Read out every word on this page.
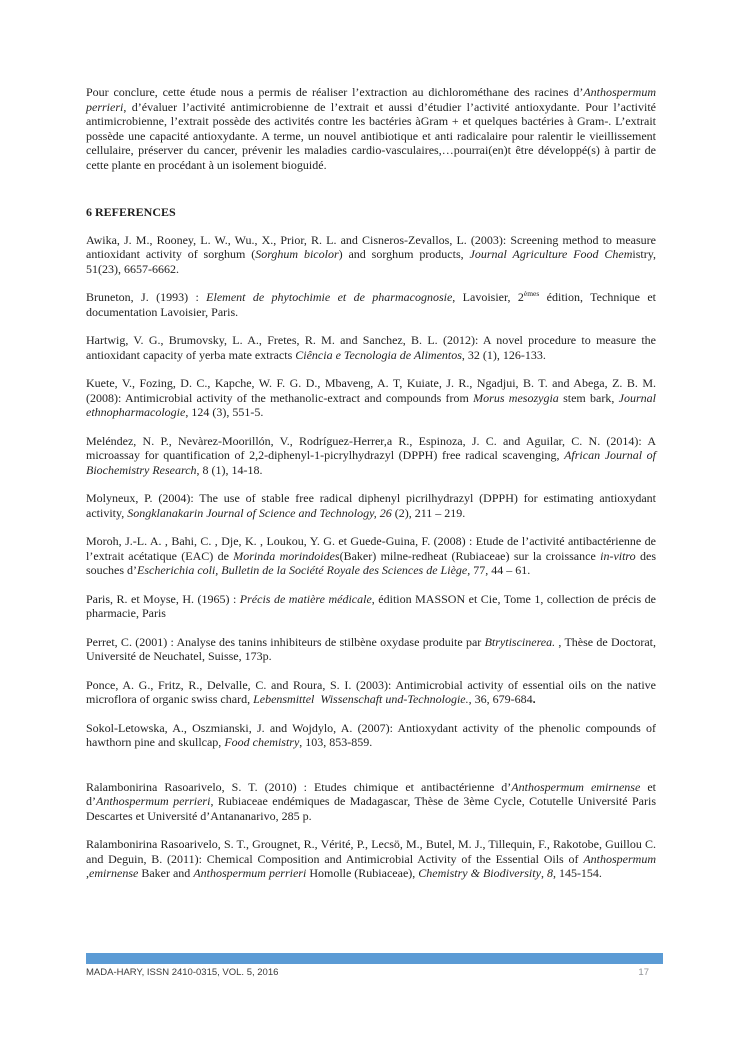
Pour conclure, cette étude nous a permis de réaliser l’extraction au dichlorométhane des racines d’Anthospermum perrieri, d’évaluer l’activité antimicrobienne de l’extrait et aussi d’étudier l’activité antioxydante. Pour l’activité antimicrobienne, l’extrait possède des activités contre les bactéries àGram + et quelques bactéries à Gram-. L’extrait possède une capacité antioxydante. A terme, un nouvel antibiotique et anti radicalaire pour ralentir le vieillissement cellulaire, préserver du cancer, prévenir les maladies cardio-vasculaires,…pourrai(en)t être développé(s) à partir de cette plante en procédant à un isolement bioguidé.

6 REFERENCES

Awika, J. M., Rooney, L. W., Wu., X., Prior, R. L. and Cisneros-Zevallos, L. (2003): Screening method to measure antioxidant activity of sorghum (Sorghum bicolor) and sorghum products, Journal Agriculture Food Chemistry, 51(23), 6657-6662.

Bruneton, J. (1993) : Element de phytochimie et de pharmacognosie, Lavoisier, 2èmes édition, Technique et documentation Lavoisier, Paris.

Hartwig, V. G., Brumovsky, L. A., Fretes, R. M. and Sanchez, B. L. (2012): A novel procedure to measure the antioxidant capacity of yerba mate extracts Ciência e Tecnologia de Alimentos, 32 (1), 126-133.

Kuete, V., Fozing, D. C., Kapche, W. F. G. D., Mbaveng, A. T, Kuiate, J. R., Ngadjui, B. T. and Abega, Z. B. M. (2008): Antimicrobial activity of the methanolic-extract and compounds from Morus mesozygia stem bark, Journal ethnopharmacologie, 124 (3), 551-5.

Meléndez, N. P., Nevàrez-Moorillón, V., Rodríguez-Herrer,a R., Espinoza, J. C. and Aguilar, C. N. (2014): A microassay for quantification of 2,2-diphenyl-1-picrylhydrazyl (DPPH) free radical scavenging, African Journal of Biochemistry Research, 8 (1), 14-18.

Molyneux, P. (2004): The use of stable free radical diphenyl picrilhydrazyl (DPPH) for estimating antioxydant activity, Songklanakarin Journal of Science and Technology, 26 (2), 211 – 219.

Moroh, J.-L. A. , Bahi, C. , Dje, K. , Loukou, Y. G. et Guede-Guina, F. (2008) : Etude de l’activité antibactérienne de l’extrait acétatique (EAC) de Morinda morindoides(Baker) milne-redheat (Rubiaceae) sur la croissance in-vitro des souches d’Escherichia coli, Bulletin de la Société Royale des Sciences de Liège, 77, 44 – 61.

Paris, R. et Moyse, H. (1965) : Précis de matière médicale, édition MASSON et Cie, Tome 1, collection de précis de pharmacie, Paris

Perret, C. (2001) : Analyse des tanins inhibiteurs de stilbène oxydase produite par Btrytiscinerea. , Thèse de Doctorat, Université de Neuchatel, Suisse, 173p.

Ponce, A. G., Fritz, R., Delvalle, C. and Roura, S. I. (2003): Antimicrobial activity of essential oils on the native microflora of organic swiss chard, Lebensmittel  Wissenschaft und-Technologie., 36, 679-684.

Sokol-Letowska, A., Oszmianski, J. and Wojdylo, A. (2007): Antioxydant activity of the phenolic compounds of hawthorn pine and skullcap, Food chemistry, 103, 853-859.

Ralambonirina Rasoarivelo, S. T. (2010) : Etudes chimique et antibactérienne d’Anthospermum emirnense et d’Anthospermum perrieri, Rubiaceae endémiques de Madagascar, Thèse de 3ème Cycle, Cotutelle Université Paris Descartes et Université d’Antananarivo, 285 p.

Ralambonirina Rasoarivelo, S. T., Grougnet, R., Vérité, P., Lecsö, M., Butel, M. J., Tillequin, F., Rakotobe, Guillou C. and Deguin, B. (2011): Chemical Composition and Antimicrobial Activity of the Essential Oils of Anthospermum ,emirnense Baker and Anthospermum perrieri Homolle (Rubiaceae), Chemistry & Biodiversity, 8, 145-154.

MADA-HARY, ISSN 2410-0315, VOL. 5, 2016	17
